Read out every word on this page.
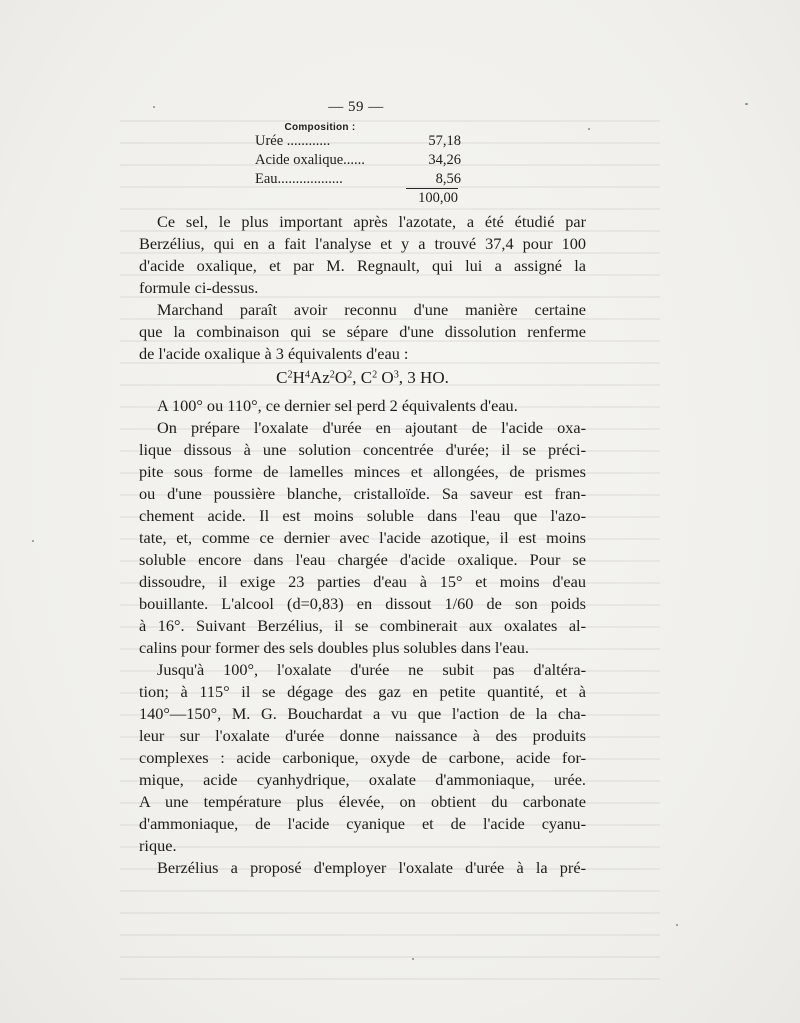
— 59 —
Composition :
Urée ............	57,18
Acide oxalique......	34,26
Eau..................	8,56
100,00

Ce sel, le plus important après l'azotate, a été étudié par

Berzélius, qui en a fait l'analyse et y a trouvé 37,4 pour 100

d'acide oxalique, et par M. Regnault, qui lui a assigné la

formule ci-dessus.

Marchand paraît avoir reconnu d'une manière certaine

que la combinaison qui se sépare d'une dissolution renferme

de l'acide oxalique à 3 équivalents d'eau :

$C^2H^4Az^2O^2$, $C^2$ $O^3$, 3 HO.

A 100° ou 110°, ce dernier sel perd 2 équivalents d'eau.

On prépare l'oxalate d'urée en ajoutant de l'acide oxa-

lique dissous à une solution concentrée d'urée; il se préci-

pite sous forme de lamelles minces et allongées, de prismes

ou d'une poussière blanche, cristalloïde. Sa saveur est fran-

chement acide. Il est moins soluble dans l'eau que l'azo-

tate, et, comme ce dernier avec l'acide azotique, il est moins

soluble encore dans l'eau chargée d'acide oxalique. Pour se

dissoudre, il exige 23 parties d'eau à 15° et moins d'eau

bouillante. L'alcool (d=0,83) en dissout 1/60 de son poids

à 16°. Suivant Berzélius, il se combinerait aux oxalates al-

calins pour former des sels doubles plus solubles dans l'eau.

Jusqu'à 100°, l'oxalate d'urée ne subit pas d'altéra-

tion; à 115° il se dégage des gaz en petite quantité, et à

140°—150°, M. G. Bouchardat a vu que l'action de la cha-

leur sur l'oxalate d'urée donne naissance à des produits

complexes : acide carbonique, oxyde de carbone, acide for-

mique, acide cyanhydrique, oxalate d'ammoniaque, urée.

A une température plus élevée, on obtient du carbonate

d'ammoniaque, de l'acide cyanique et de l'acide cyanu-

rique.

Berzélius a proposé d'employer l'oxalate d'urée à la pré-
